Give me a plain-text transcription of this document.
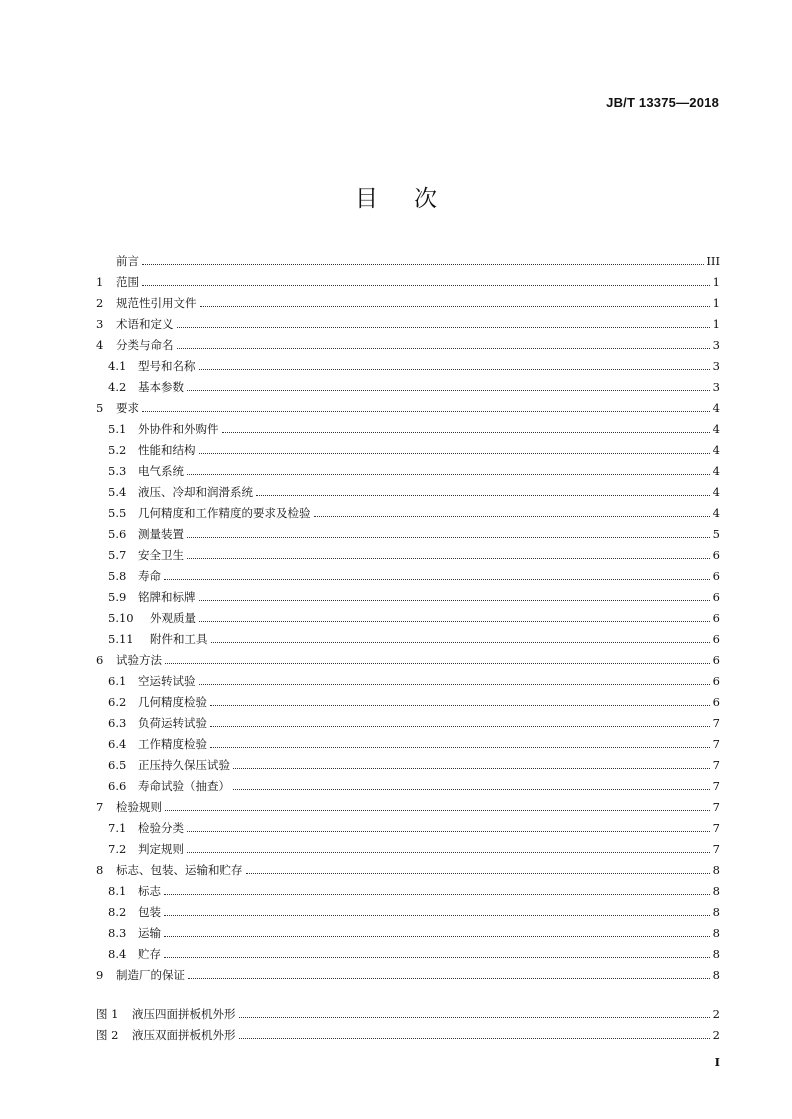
JB/T 13375—2018
目次
前言	III
1	范围	1
2	规范性引用文件	1
3	术语和定义	1
4	分类与命名	3
4.1	型号和名称	3
4.2	基本参数	3
5	要求	4
5.1	外协件和外购件	4
5.2	性能和结构	4
5.3	电气系统	4
5.4	液压、冷却和润滑系统	4
5.5	几何精度和工作精度的要求及检验	4
5.6	测量装置	5
5.7	安全卫生	6
5.8	寿命	6
5.9	铭牌和标牌	6
5.10	外观质量	6
5.11	附件和工具	6
6	试验方法	6
6.1	空运转试验	6
6.2	几何精度检验	6
6.3	负荷运转试验	7
6.4	工作精度检验	7
6.5	正压持久保压试验	7
6.6	寿命试验（抽查）	7
7	检验规则	7
7.1	检验分类	7
7.2	判定规则	7
8	标志、包装、运输和贮存	8
8.1	标志	8
8.2	包装	8
8.3	运输	8
8.4	贮存	8
9	制造厂的保证	8
图 1	液压四面拼板机外形	2
图 2	液压双面拼板机外形	2
I
